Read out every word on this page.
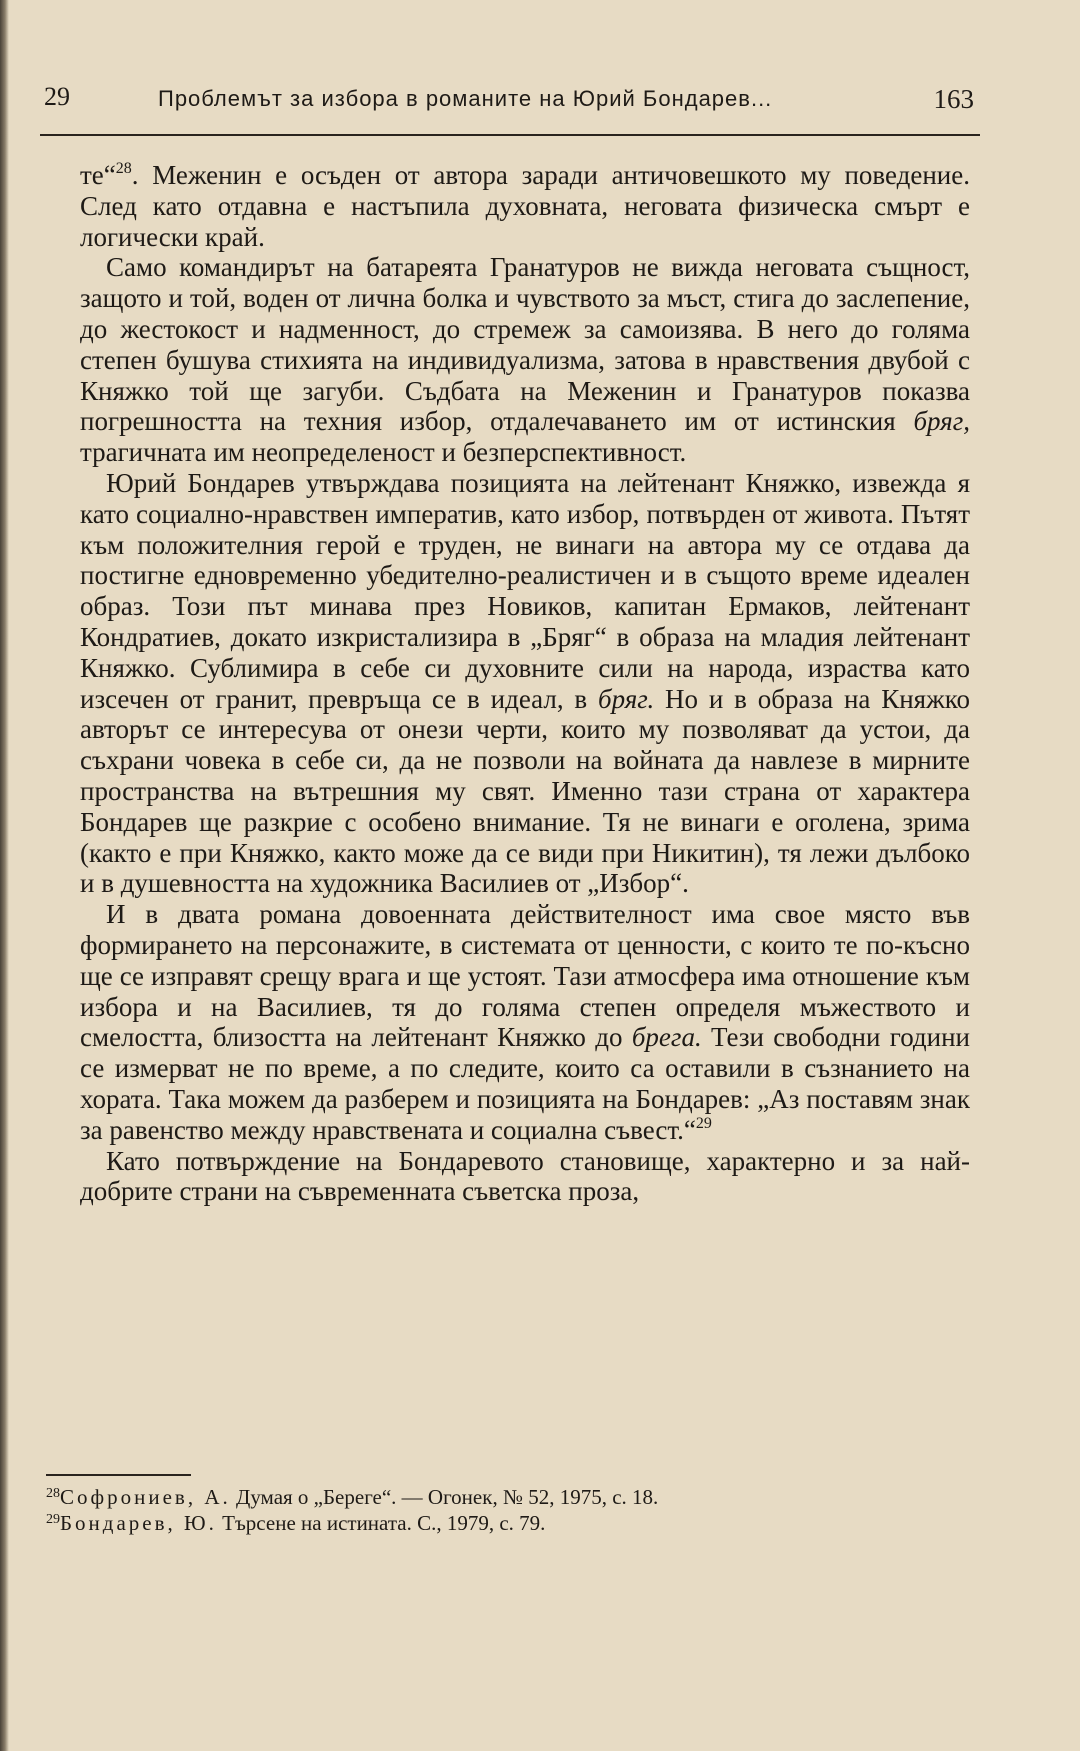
29	Проблемът за избора в романите на Юрий Бондарев...	163

те“$^{28}$. Меженин е осъден от автора заради античовешкото му поведение. След като отдавна е настъпила духовната, неговата физическа смърт е логически край.

Само командирът на батареята Гранатуров не вижда неговата същност, защото и той, воден от лична болка и чувството за мъст, стига до заслепение, до жестокост и надменност, до стремеж за самоизява. В него до голяма степен бушува стихията на индивидуализма, затова в нравствения двубой с Княжко той ще загуби. Съдбата на Меженин и Гранатуров показва погрешността на техния избор, отдалечаването им от истинския бряг, трагичната им неопределеност и безперспективност.

Юрий Бондарев утвърждава позицията на лейтенант Княжко, извежда я като социално-нравствен императив, като избор, потвърден от живота. Пътят към положителния герой е труден, не винаги на автора му се отдава да постигне едновременно убедително-реалистичен и в същото време идеален образ. Този път минава през Новиков, капитан Ермаков, лейтенант Кондратиев, докато изкристализира в „Бряг“ в образа на младия лейтенант Княжко. Сублимира в себе си духовните сили на народа, израства като изсечен от гранит, превръща се в идеал, в бряг. Но и в образа на Княжко авторът се интересува от онези черти, които му позволяват да устои, да съхрани човека в себе си, да не позволи на войната да навлезе в мирните пространства на вътрешния му свят. Именно тази страна от характера Бондарев ще разкрие с особено внимание. Тя не винаги е оголена, зрима (както е при Княжко, както може да се види при Никитин), тя лежи дълбоко и в душевността на художника Василиев от „Избор“.

И в двата романа довоенната действителност има свое място във формирането на персонажите, в системата от ценности, с които те по-късно ще се изправят срещу врага и ще устоят. Тази атмосфера има отношение към избора и на Василиев, тя до голяма степен определя мъжеството и смелостта, близостта на лейтенант Княжко до брега. Тези свободни години се измерват не по време, а по следите, които са оставили в съзнанието на хората. Така можем да разберем и позицията на Бондарев: „Аз поставям знак за равенство между нравствената и социална съвест.“$^{29}$

Като потвърждение на Бондаревото становище, характерно и за най-добрите страни на съвременната съветска проза,

$^{28}$Софрониев, А. Думая о „Береге“. — Огонек, № 52, 1975, с. 18.

$^{29}$Бондарев, Ю. Търсене на истината. С., 1979, с. 79.
